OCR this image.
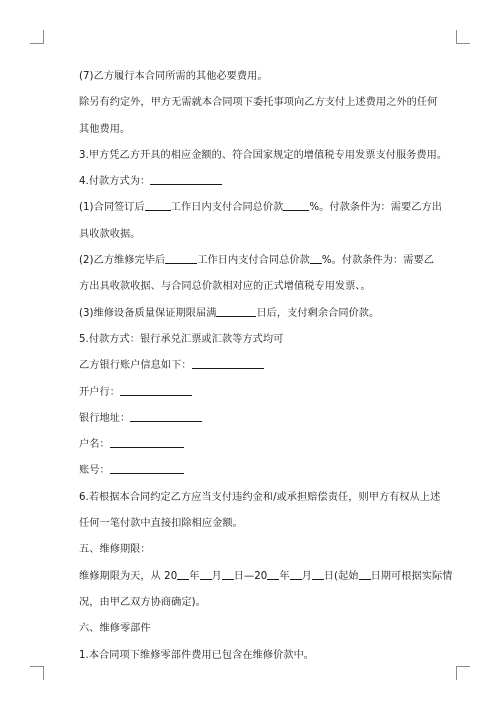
(7)乙方履行本合同所需的其他必要费用。
除另有约定外，甲方无需就本合同项下委托事项向乙方支付上述费用之外的任何
其他费用。
3.甲方凭乙方开具的相应金额的、符合国家规定的增值税专用发票支付服务费用。
4.付款方式为：
(1)合同签订后	工作日内支付合同总价款	%。付款条件为：需要乙方出
具收款收据。
(2)乙方维修完毕后	工作日内支付合同总价款 %。付款条件为：需要乙
方出具收款收据、与合同总价款相对应的正式增值税专用发票、。
(3)维修设备质量保证期限届满	日后，支付剩余合同价款。
5.付款方式：银行承兑汇票或汇款等方式均可
乙方银行账户信息如下：
开户行：
银行地址：
户名：
账号：
6.若根据本合同约定乙方应当支付违约金和/或承担赔偿责任，则甲方有权从上述
任何一笔付款中直接扣除相应金额。
五、维修期限：
维修期限为天，从 20 年 月 日—20 年 月 日(起始 日期可根据实际情
况，由甲乙双方协商确定)。
六、维修零部件
1.本合同项下维修零部件费用已包含在维修价款中。
